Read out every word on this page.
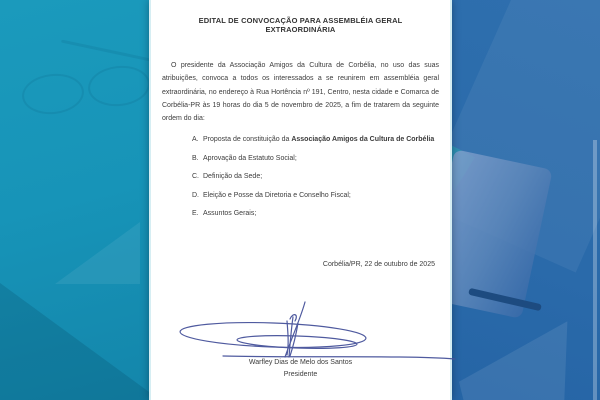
EDITAL DE CONVOCAÇÃO PARA ASSEMBLÉIA GERAL EXTRAORDINÁRIA

O presidente da Associação Amigos da Cultura de Corbélia, no uso das suas atribuições, convoca a todos os interessados a se reunirem em assembléia geral extraordinária, no endereço à Rua Hortência nº 191, Centro, nesta cidade e Comarca de Corbélia-PR às 19 horas do dia 5 de novembro de 2025, a fim de tratarem da seguinte ordem do dia:

A. Proposta de constituição da Associação Amigos da Cultura de Corbélia
B. Aprovação da Estatuto Social;
C. Definição da Sede;
D. Eleição e Posse da Diretoria e Conselho Fiscal;
E. Assuntos Gerais;
Corbélia/PR, 22 de outubro de 2025
Warfley Dias de Melo dos Santos
Presidente
